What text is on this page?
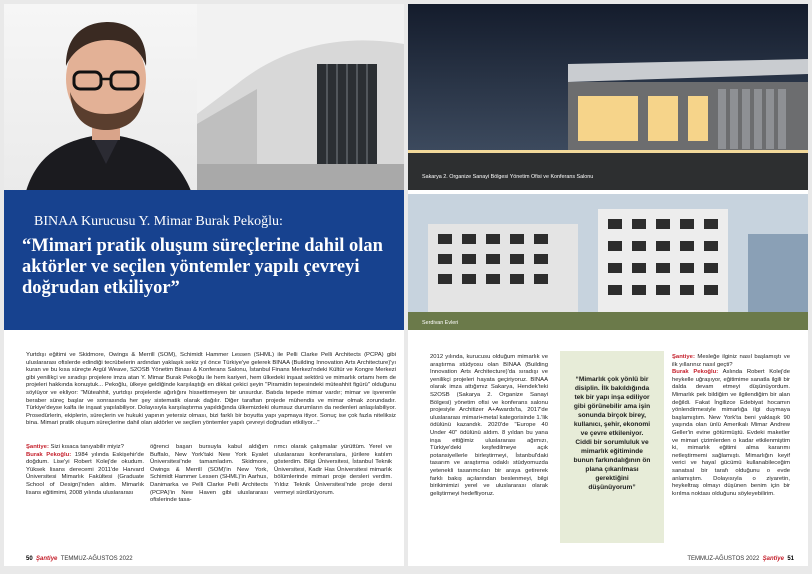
BINAA Kurucusu Y. Mimar Burak Pekoğlu:
“Mimari pratik oluşum süreçlerine dahil olan aktörler ve seçilen yöntemler yapılı çevreyi doğrudan etkiliyor”
Yurtdışı eğitimi ve Skidmore, Owings & Merrill (SOM), Schimidt Hammer Lessen (SHML) ile Pelli Clarke Pelli Architects (PCPA) gibi uluslararası ofislerde edindiği tecrübelerin ardından yaklaşık sekiz yıl önce Türkiye'ye gelerek BINAA (Building Innovation Arts Architecture)'yı kuran ve bu kısa süreçte Argül Weave, S2OSB Yönetim Binası & Konferans Salonu, İstanbul Finans Merkezi'ndeki Kültür ve Kongre Merkezi gibi yenilikçi ve sıradışı projelere imza atan Y. Mimar Burak Pekoğlu ile hem kariyeri, hem ülkedeki inşaat sektörü ve mimarlık ortamı hem de projeleri hakkında konuştuk... Pekoğlu, ülkeye geldiğinde karşılaştığı en dikkat çekici şeyin "Piramidin tepesindeki müteahhit figürü" olduğunu söylüyor ve ekliyor: "Müteahhit, yurtdışı projelerde ağırlığını hissettirmeyen bir unsurdur. Batıda tepede mimar vardır; mimar ve işverenle beraber süreç başlar ve sonrasında her şey sistematik olarak dağılır. Diğer taraftan projede mühendis ve mimar olmak zorundadır. Türkiye'deyse kalfa ile inşaat yapılabiliyor. Dolayısıyla karşılaştırma yapıldığında ülkemizdeki olumsuz durumların da nedenleri anlaşılabiliyor. Prosedürlerin, ekiplerin, süreçlerin ve hukuki yapının yetersiz olması, bizi farklı bir boyutta yapı yapmaya itiyor. Sonuç ise çok fazla niteliksiz bina. Mimari pratik oluşum süreçlerine dahil olan aktörler ve seçilen yöntemler yapılı çevreyi doğrudan etkiliyor..."
Şantiye: Sizi kısaca tanıyabilir miyiz?
Burak Pekoğlu: 1984 yılında Eskişehir'de doğdum. Lise'yi Robert Kolej'de okudum. Yüksek lisans derecemi 2011'de Harvard Üniversitesi Mimarlık Fakültesi (Graduate School of Design)'nden aldım. Mimarlık lisans eğitimimi, 2008 yılında uluslararası
öğrenci başarı bursuyla kabul aldığım Buffalo, New York'taki New York Eyalet Üniversitesi'nde tamamladım. Skidmore, Owings & Merrill (SOM)'in New York, Schimidt Hammer Lessen (SHML)'in Aarhus, Danimarka ve Pelli Clarke Pelli Architects (PCPA)'in New Haven gibi uluslararası ofislerinde tasa-
rımcı olarak çalışmalar yürüttüm. Yerel ve uluslararası konferanslara, jürilere katılım gösterdim. Bilgi Üniversitesi, İstanbul Teknik Üniversitesi, Kadir Has Üniversitesi mimarlık bölümlerinde mimari proje dersleri verdim. Yıldız Teknik Üniversitesi'nde proje dersi vermeyi sürdürüyorum.
50 Şantiye TEMMUZ-AĞUSTOS 2022
Sakarya 2. Organize Sanayi Bölgesi Yönetim Ofisi ve Konferans Salonu
Serdivan Evleri
2012 yılında, kurucusu olduğum mimarlık ve araştırma stüdyosu olan BINAA (Building Innovation Arts Architecture)'da sıradışı ve yenilikçi projeleri hayata geçiriyoruz. BINAA olarak imza attığımız Sakarya, Hendek'teki S2OSB (Sakarya 2. Organize Sanayi Bölgesi) yönetim ofisi ve konferans salonu projesiyle Architizer A+Awards'ta, 2017'de uluslararası mimari+metal kategorisinde 1.'lik ödülünü kazandık. 2020'de "Europe 40 Under 40" ödülünü aldım. 8 yıldan bu yana inşa ettiğimiz uluslararası ağımızı, Türkiye'deki keşfedilmeye açık potansiyellerle birleştirmeyi, İstanbul'daki tasarım ve araştırma odaklı stüdyomuzda yetenekli tasarımcıları bir araya getirerek farklı bakış açılarından beslenmeyi, bilgi birikimimizi yerel ve uluslararası olarak geliştirmeyi hedefliyoruz.
“Mimarlık çok yönlü bir disiplin. İlk bakıldığında tek bir yapı inşa ediliyor gibi görünebilir ama işin sonunda birçok birey, kullanıcı, şehir, ekonomi ve çevre etkileniyor. Ciddi bir sorumluluk ve mimarlık eğitiminde bunun farkındalığının ön plana çıkarılması gerektiğini düşünüyorum”
Şantiye: Mesleğe ilginiz nasıl başlamıştı ve ilk yıllarınız nasıl geçti?
Burak Pekoğlu: Aslında Robert Kolej'de heykelle uğraşıyor, eğitimime sanatla ilgili bir dalda devam etmeyi düşünüyordum. Mimarlık pek bildiğim ve ilgilendiğim bir alan değildi. Fakat İngilizce Edebiyat hocamın yönlendirmesiyle mimarlığa ilgi duymaya başlamıştım. New York'ta beni yaklaşık 90 yaşında olan ünlü Amerikalı Mimar Andrew Geller'in evine götürmüştü. Evdeki maketler ve mimari çizimlerden o kadar etkilenmiştim ki, mimarlık eğitimi alma kararımı netleştirmemi sağlamıştı. Mimarlığın keyif verici ve hayal gücümü kullanabileceğim sanatsal bir tarafı olduğunu o evde anlamıştım. Dolayısıyla o ziyaretin, heykeltraş olmayı düşünen benim için bir kırılma noktası olduğunu söyleyebilirim.
TEMMUZ-AĞUSTOS 2022 Şantiye 51
